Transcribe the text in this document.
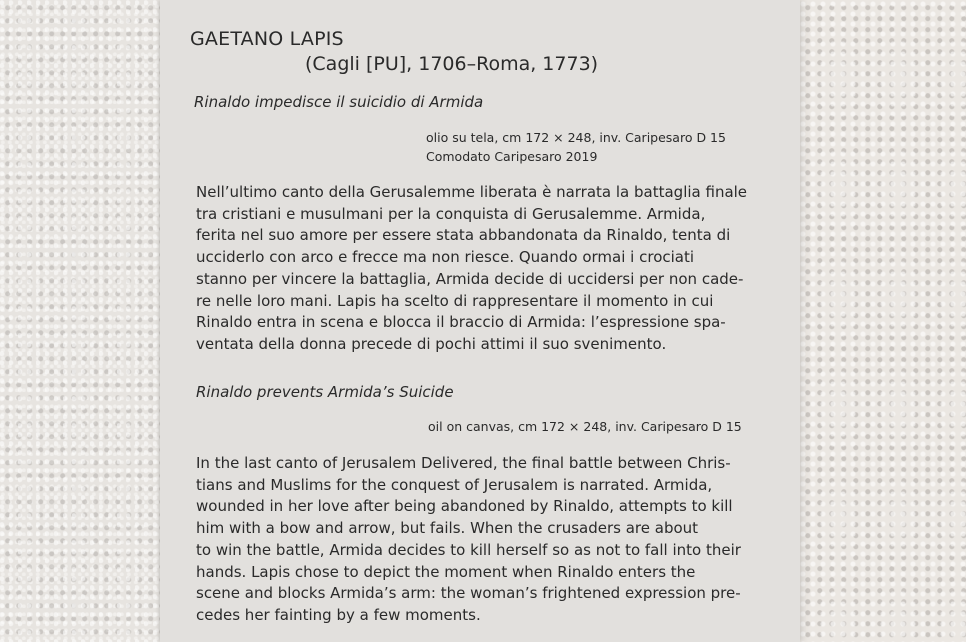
GAETANO LAPIS
(Cagli [PU], 1706–Roma, 1773)
Rinaldo impedisce il suicidio di Armida
olio su tela, cm 172 × 248, inv. Caripesaro D 15
Comodato Caripesaro 2019

Nell’ultimo canto della Gerusalemme liberata è narrata la battaglia finale
tra cristiani e musulmani per la conquista di Gerusalemme. Armida,
ferita nel suo amore per essere stata abbandonata da Rinaldo, tenta di
ucciderlo con arco e frecce ma non riesce. Quando ormai i crociati
stanno per vincere la battaglia, Armida decide di uccidersi per non cade-
re nelle loro mani. Lapis ha scelto di rappresentare il momento in cui
Rinaldo entra in scena e blocca il braccio di Armida: l’espressione spa-
ventata della donna precede di pochi attimi il suo svenimento.

Rinaldo prevents Armida’s Suicide
oil on canvas, cm 172 × 248, inv. Caripesaro D 15

In the last canto of Jerusalem Delivered, the final battle between Chris-
tians and Muslims for the conquest of Jerusalem is narrated. Armida,
wounded in her love after being abandoned by Rinaldo, attempts to kill
him with a bow and arrow, but fails. When the crusaders are about
to win the battle, Armida decides to kill herself so as not to fall into their
hands. Lapis chose to depict the moment when Rinaldo enters the
scene and blocks Armida’s arm: the woman’s frightened expression pre-
cedes her fainting by a few moments.
